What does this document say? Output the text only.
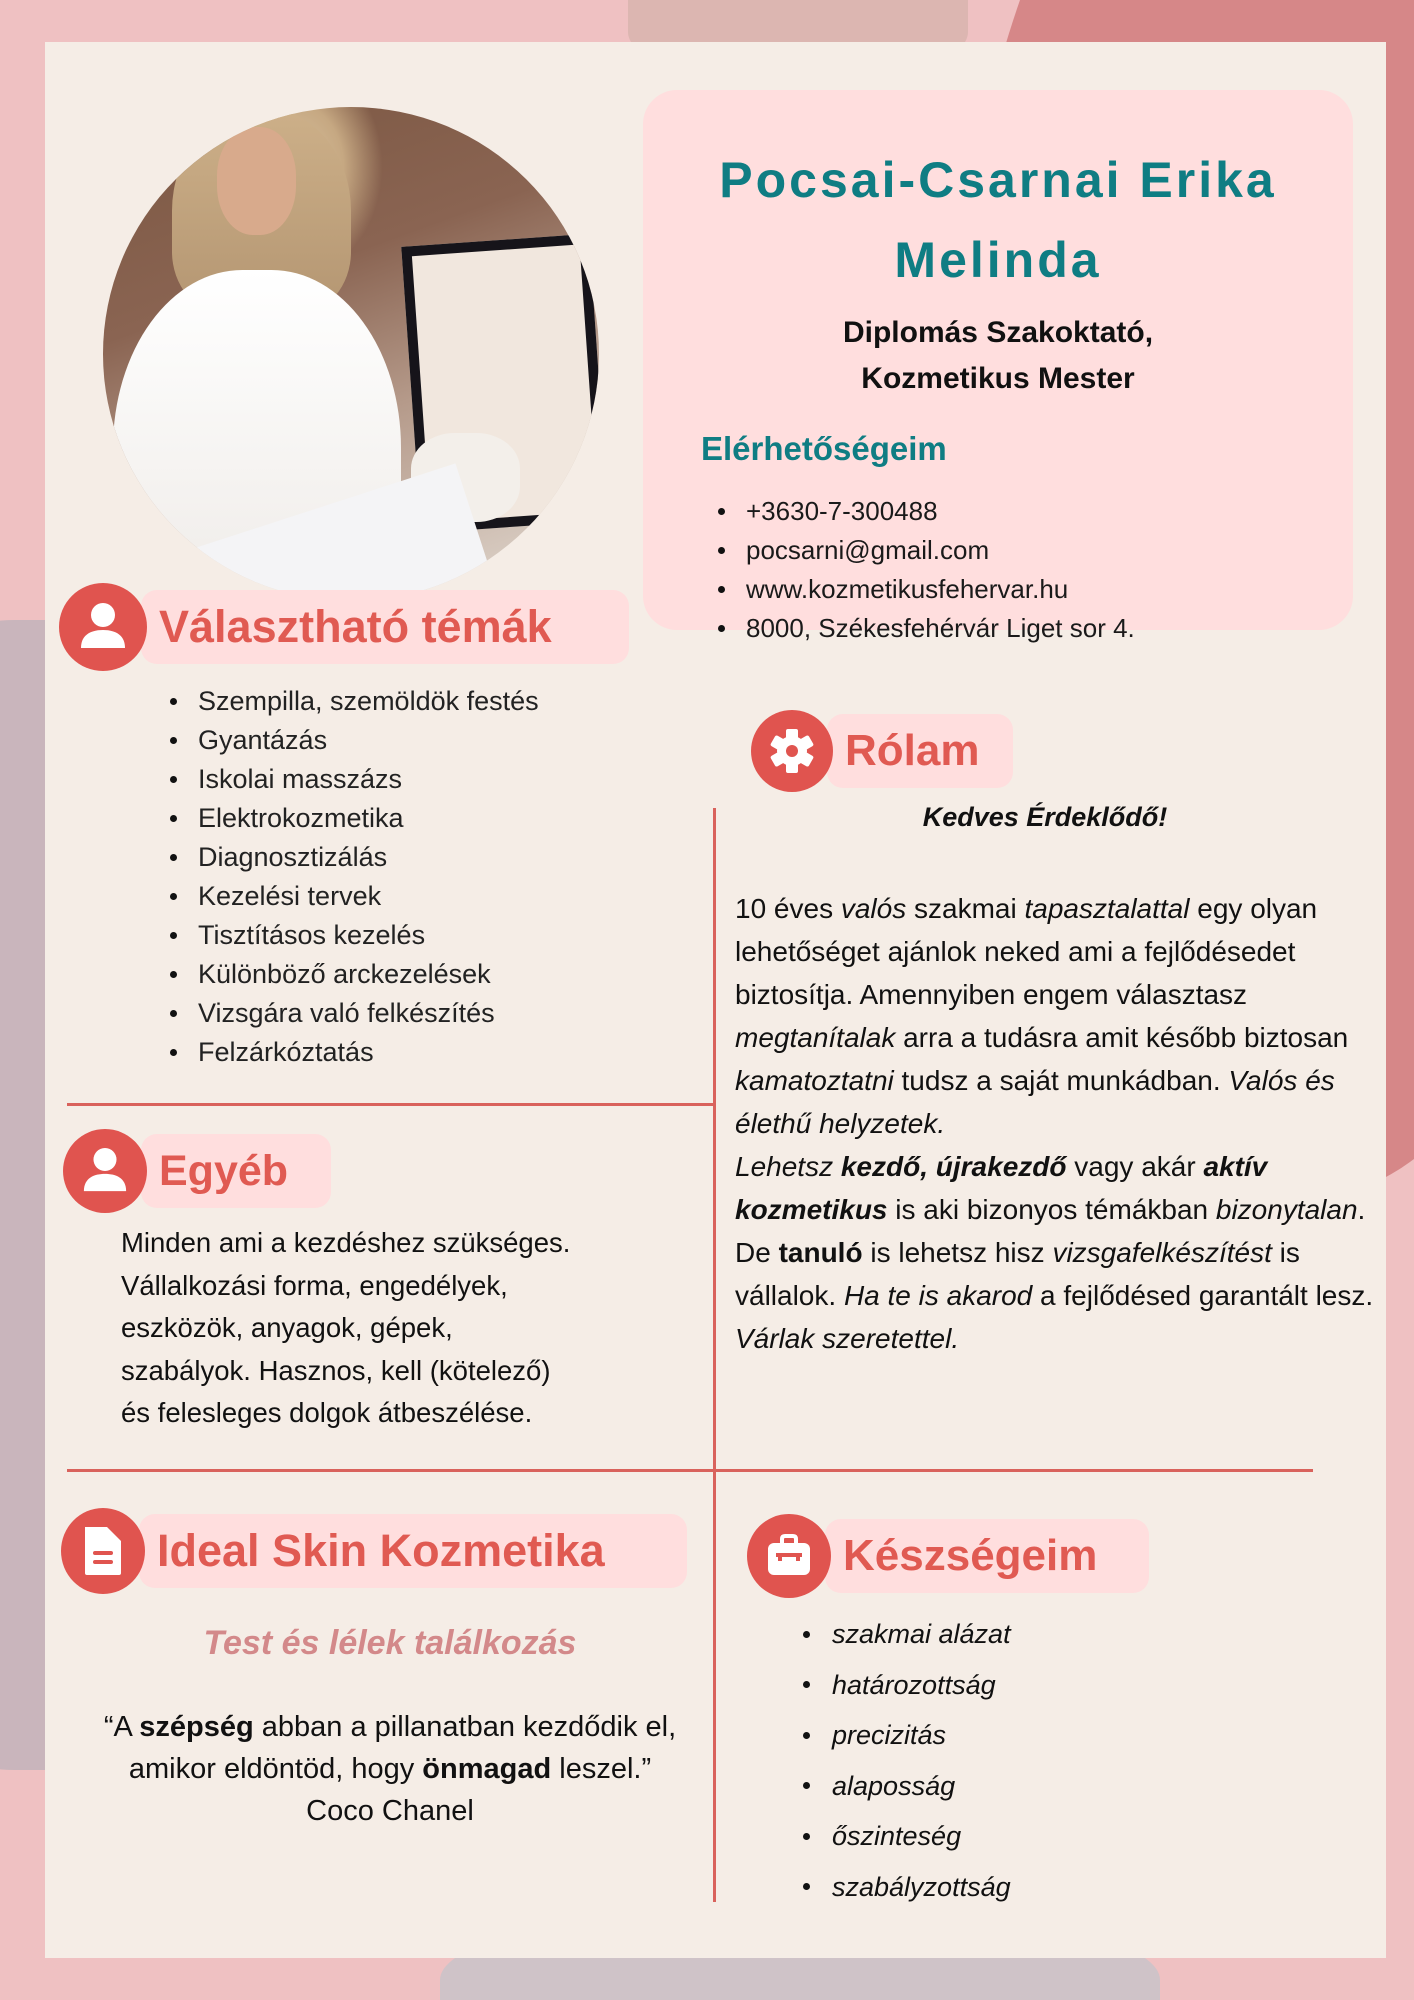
Pocsai-Csarnai Erika
Melinda
Diplomás Szakoktató,
Kozmetikus Mester
Elérhetőségeim
+3630-7-300488
pocsarni@gmail.com
www.kozmetikusfehervar.hu
8000, Székesfehérvár Liget sor 4.
Választható témák
Szempilla, szemöldök festés
Gyantázás
Iskolai masszázs
Elektrokozmetika
Diagnosztizálás
Kezelési tervek
Tisztításos kezelés
Különböző arckezelések
Vizsgára való felkészítés
Felzárkóztatás
Egyéb
Minden ami a kezdéshez szükséges.
Vállalkozási forma, engedélyek,
eszközök, anyagok, gépek,
szabályok. Hasznos, kell (kötelező)
és felesleges dolgok átbeszélése.
Rólam
Kedves Érdeklődő!
10 éves valós szakmai tapasztalattal egy olyan lehetőséget ajánlok neked ami a fejlődésedet biztosítja. Amennyiben engem választasz megtanítalak arra a tudásra amit később biztosan kamatoztatni tudsz a saját munkádban. Valós és élethű helyzetek.
Lehetsz kezdő, újrakezdő vagy akár aktív kozmetikus is aki bizonyos témákban bizonytalan. De tanuló is lehetsz hisz vizsgafelkészítést is vállalok. Ha te is akarod a fejlődésed garantált lesz. Várlak szeretettel.
Ideal Skin Kozmetika
Test és lélek találkozás
“A szépség abban a pillanatban kezdődik el, amikor eldöntöd, hogy önmagad leszel.”
Coco Chanel
Készségeim
szakmai alázat
határozottság
precizitás
alaposság
őszinteség
szabályzottság
